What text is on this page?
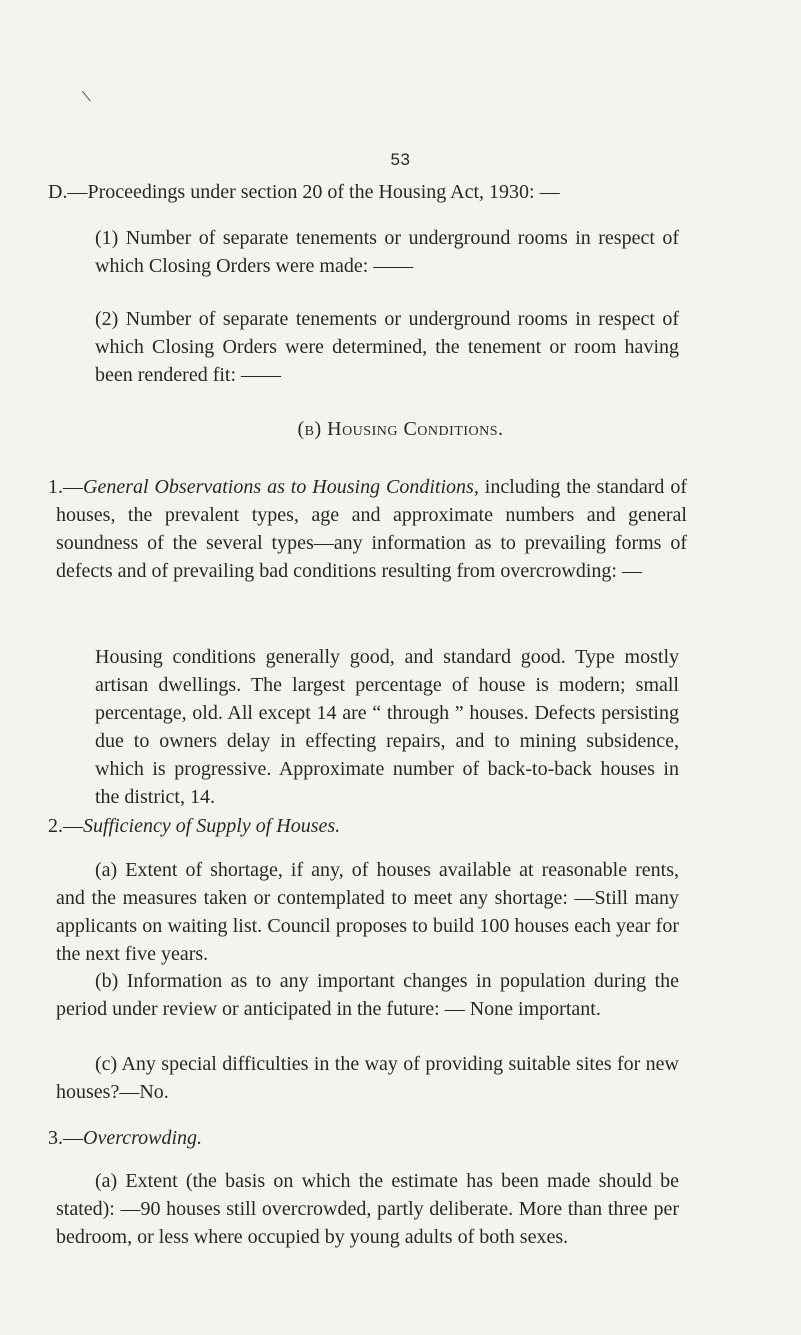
\
53

D.—Proceedings under section 20 of the Housing Act, 1930: —

(1) Number of separate tenements or underground rooms in respect of which Closing Orders were made: ——

(2) Number of separate tenements or underground rooms in respect of which Closing Orders were determined, the tenement or room having been rendered fit: ——

(b) Housing Conditions.

1.—General Observations as to Housing Conditions, including the standard of houses, the prevalent types, age and approximate numbers and general soundness of the several types—any information as to prevailing forms of defects and of prevailing bad conditions resulting from overcrowding: —

Housing conditions generally good, and standard good. Type mostly artisan dwellings. The largest percentage of house is modern; small percentage, old. All except 14 are “ through ” houses. Defects persisting due to owners delay in effecting repairs, and to mining subsidence, which is progressive. Approximate number of back-to-back houses in the district, 14.

2.—Sufficiency of Supply of Houses.

(a) Extent of shortage, if any, of houses available at reasonable rents, and the measures taken or contemplated to meet any shortage: —Still many applicants on waiting list. Council proposes to build 100 houses each year for the next five years.

(b) Information as to any important changes in population during the period under review or anticipated in the future: — None important.

(c) Any special difficulties in the way of providing suitable sites for new houses?—No.

3.—Overcrowding.

(a) Extent (the basis on which the estimate has been made should be stated): —90 houses still overcrowded, partly deliberate. More than three per bedroom, or less where occupied by young adults of both sexes.
